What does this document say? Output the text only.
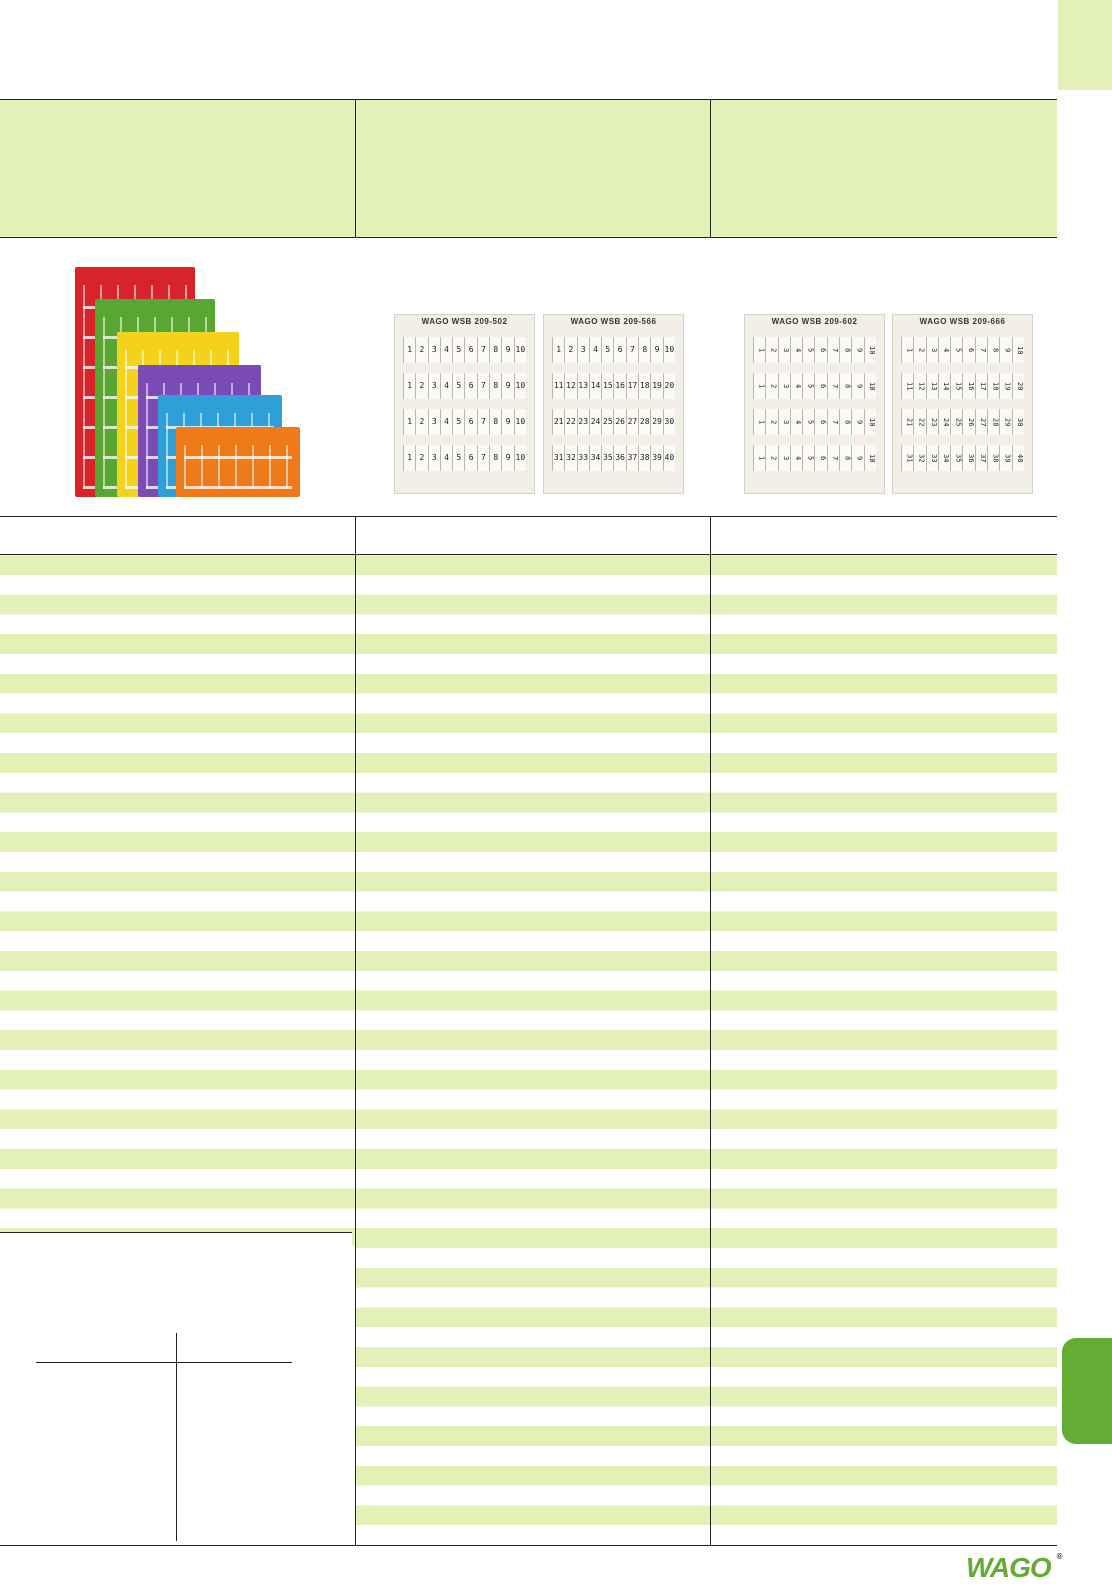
WAGO WSB 209-502
1 2 3 4 5 6 7 8 9 10
1 2 3 4 5 6 7 8 9 10
1 2 3 4 5 6 7 8 9 10
1 2 3 4 5 6 7 8 9 10
WAGO WSB 209-566
1 2 3 4 5 6 7 8 9 10
11 12 13 14 15 16 17 18 19 20
21 22 23 24 25 26 27 28 29 30
31 32 33 34 35 36 37 38 39 40
WAGO WSB 209-602
1 2 3 4 5 6 7 8 9 10
1 2 3 4 5 6 7 8 9 10
1 2 3 4 5 6 7 8 9 10
1 2 3 4 5 6 7 8 9 10
WAGO WSB 209-666
1 2 3 4 5 6 7 8 9 10
11 12 13 14 15 16 17 18 19 20
21 22 23 24 25 26 27 28 29 30
31 32 33 34 35 36 37 38 39 40
WAGO ®
